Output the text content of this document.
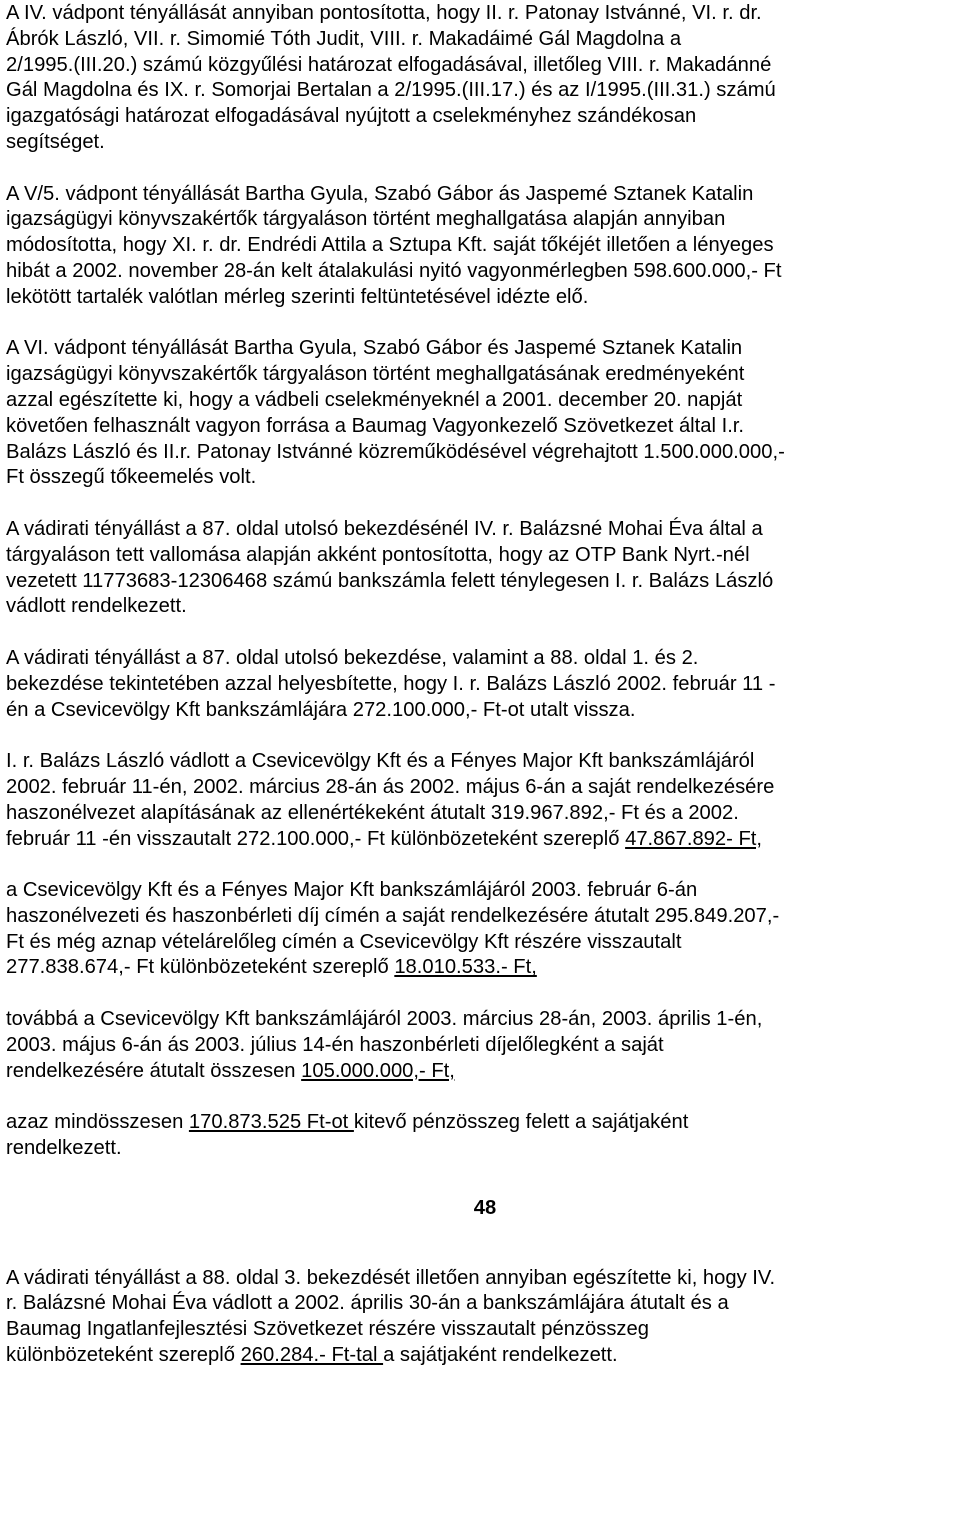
A IV. vádpont tényállását annyiban pontosította, hogy II. r. Patonay Istvánné, VI. r. dr.
Ábrók László, VII. r. Simomié Tóth Judit, VIII. r. Makadáimé Gál Magdolna a
2/1995.(III.20.) számú közgyűlési határozat elfogadásával, illetőleg VIII. r. Makadánné
Gál Magdolna és IX. r. Somorjai Bertalan a 2/1995.(III.17.) és az I/1995.(III.31.) számú
igazgatósági határozat elfogadásával nyújtott a cselekményhez szándékosan
segítséget.

A V/5. vádpont tényállását Bartha Gyula, Szabó Gábor ás Jaspemé Sztanek Katalin
igazságügyi könyvszakértők tárgyaláson történt meghallgatása alapján annyiban
módosította, hogy XI. r. dr. Endrédi Attila a Sztupa Kft. saját tőkéjét illetően a lényeges
hibát a 2002. november 28-án kelt átalakulási nyitó vagyonmérlegben 598.600.000,- Ft
lekötött tartalék valótlan mérleg szerinti feltüntetésével idézte elő.

A VI. vádpont tényállását Bartha Gyula, Szabó Gábor és Jaspemé Sztanek Katalin
igazságügyi könyvszakértők tárgyaláson történt meghallgatásának eredményeként
azzal egészítette ki, hogy a vádbeli cselekményeknél a 2001. december 20. napját
követően felhasznált vagyon forrása a Baumag Vagyonkezelő Szövetkezet által I.r.
Balázs László és II.r. Patonay Istvánné közreműködésével végrehajtott 1.500.000.000,-
Ft összegű tőkeemelés volt.

A vádirati tényállást a 87. oldal utolsó bekezdésénél IV. r. Balázsné Mohai Éva által a
tárgyaláson tett vallomása alapján akként pontosította, hogy az OTP Bank Nyrt.-nél
vezetett 11773683-12306468 számú bankszámla felett ténylegesen I. r. Balázs László
vádlott rendelkezett.

A vádirati tényállást a 87. oldal utolsó bekezdése, valamint a 88. oldal 1. és 2.
bekezdése tekintetében azzal helyesbítette, hogy I. r. Balázs László 2002. február 11 -
én a Csevicevölgy Kft bankszámlájára 272.100.000,- Ft-ot utalt vissza.

I. r. Balázs László vádlott a Csevicevölgy Kft és a Fényes Major Kft bankszámlájáról
2002. február 11-én, 2002. március 28-án ás 2002. május 6-án a saját rendelkezésére
haszonélvezet alapításának az ellenértékeként átutalt 319.967.892,- Ft és a 2002.
február 11 -én visszautalt 272.100.000,- Ft különbözeteként szereplő 47.867.892- Ft,

a Csevicevölgy Kft és a Fényes Major Kft bankszámlájáról 2003. február 6-án
haszonélvezeti és haszonbérleti díj címén a saját rendelkezésére átutalt 295.849.207,-
Ft és még aznap vételárelőleg címén a Csevicevölgy Kft részére visszautalt
277.838.674,- Ft különbözeteként szereplő 18.010.533.- Ft,

továbbá a Csevicevölgy Kft bankszámlájáról 2003. március 28-án, 2003. április 1-én,
2003. május 6-án ás 2003. július 14-én haszonbérleti díjelőlegként a saját
rendelkezésére átutalt összesen 105.000.000,- Ft,

azaz mindösszesen 170.873.525 Ft-ot kitevő pénzösszeg felett a sajátjaként
rendelkezett.

48

A vádirati tényállást a 88. oldal 3. bekezdését illetően annyiban egészítette ki, hogy IV.
r. Balázsné Mohai Éva vádlott a 2002. április 30-án a bankszámlájára átutalt és a
Baumag Ingatlanfejlesztési Szövetkezet részére visszautalt pénzösszeg
különbözeteként szereplő 260.284.- Ft-tal a sajátjaként rendelkezett.
